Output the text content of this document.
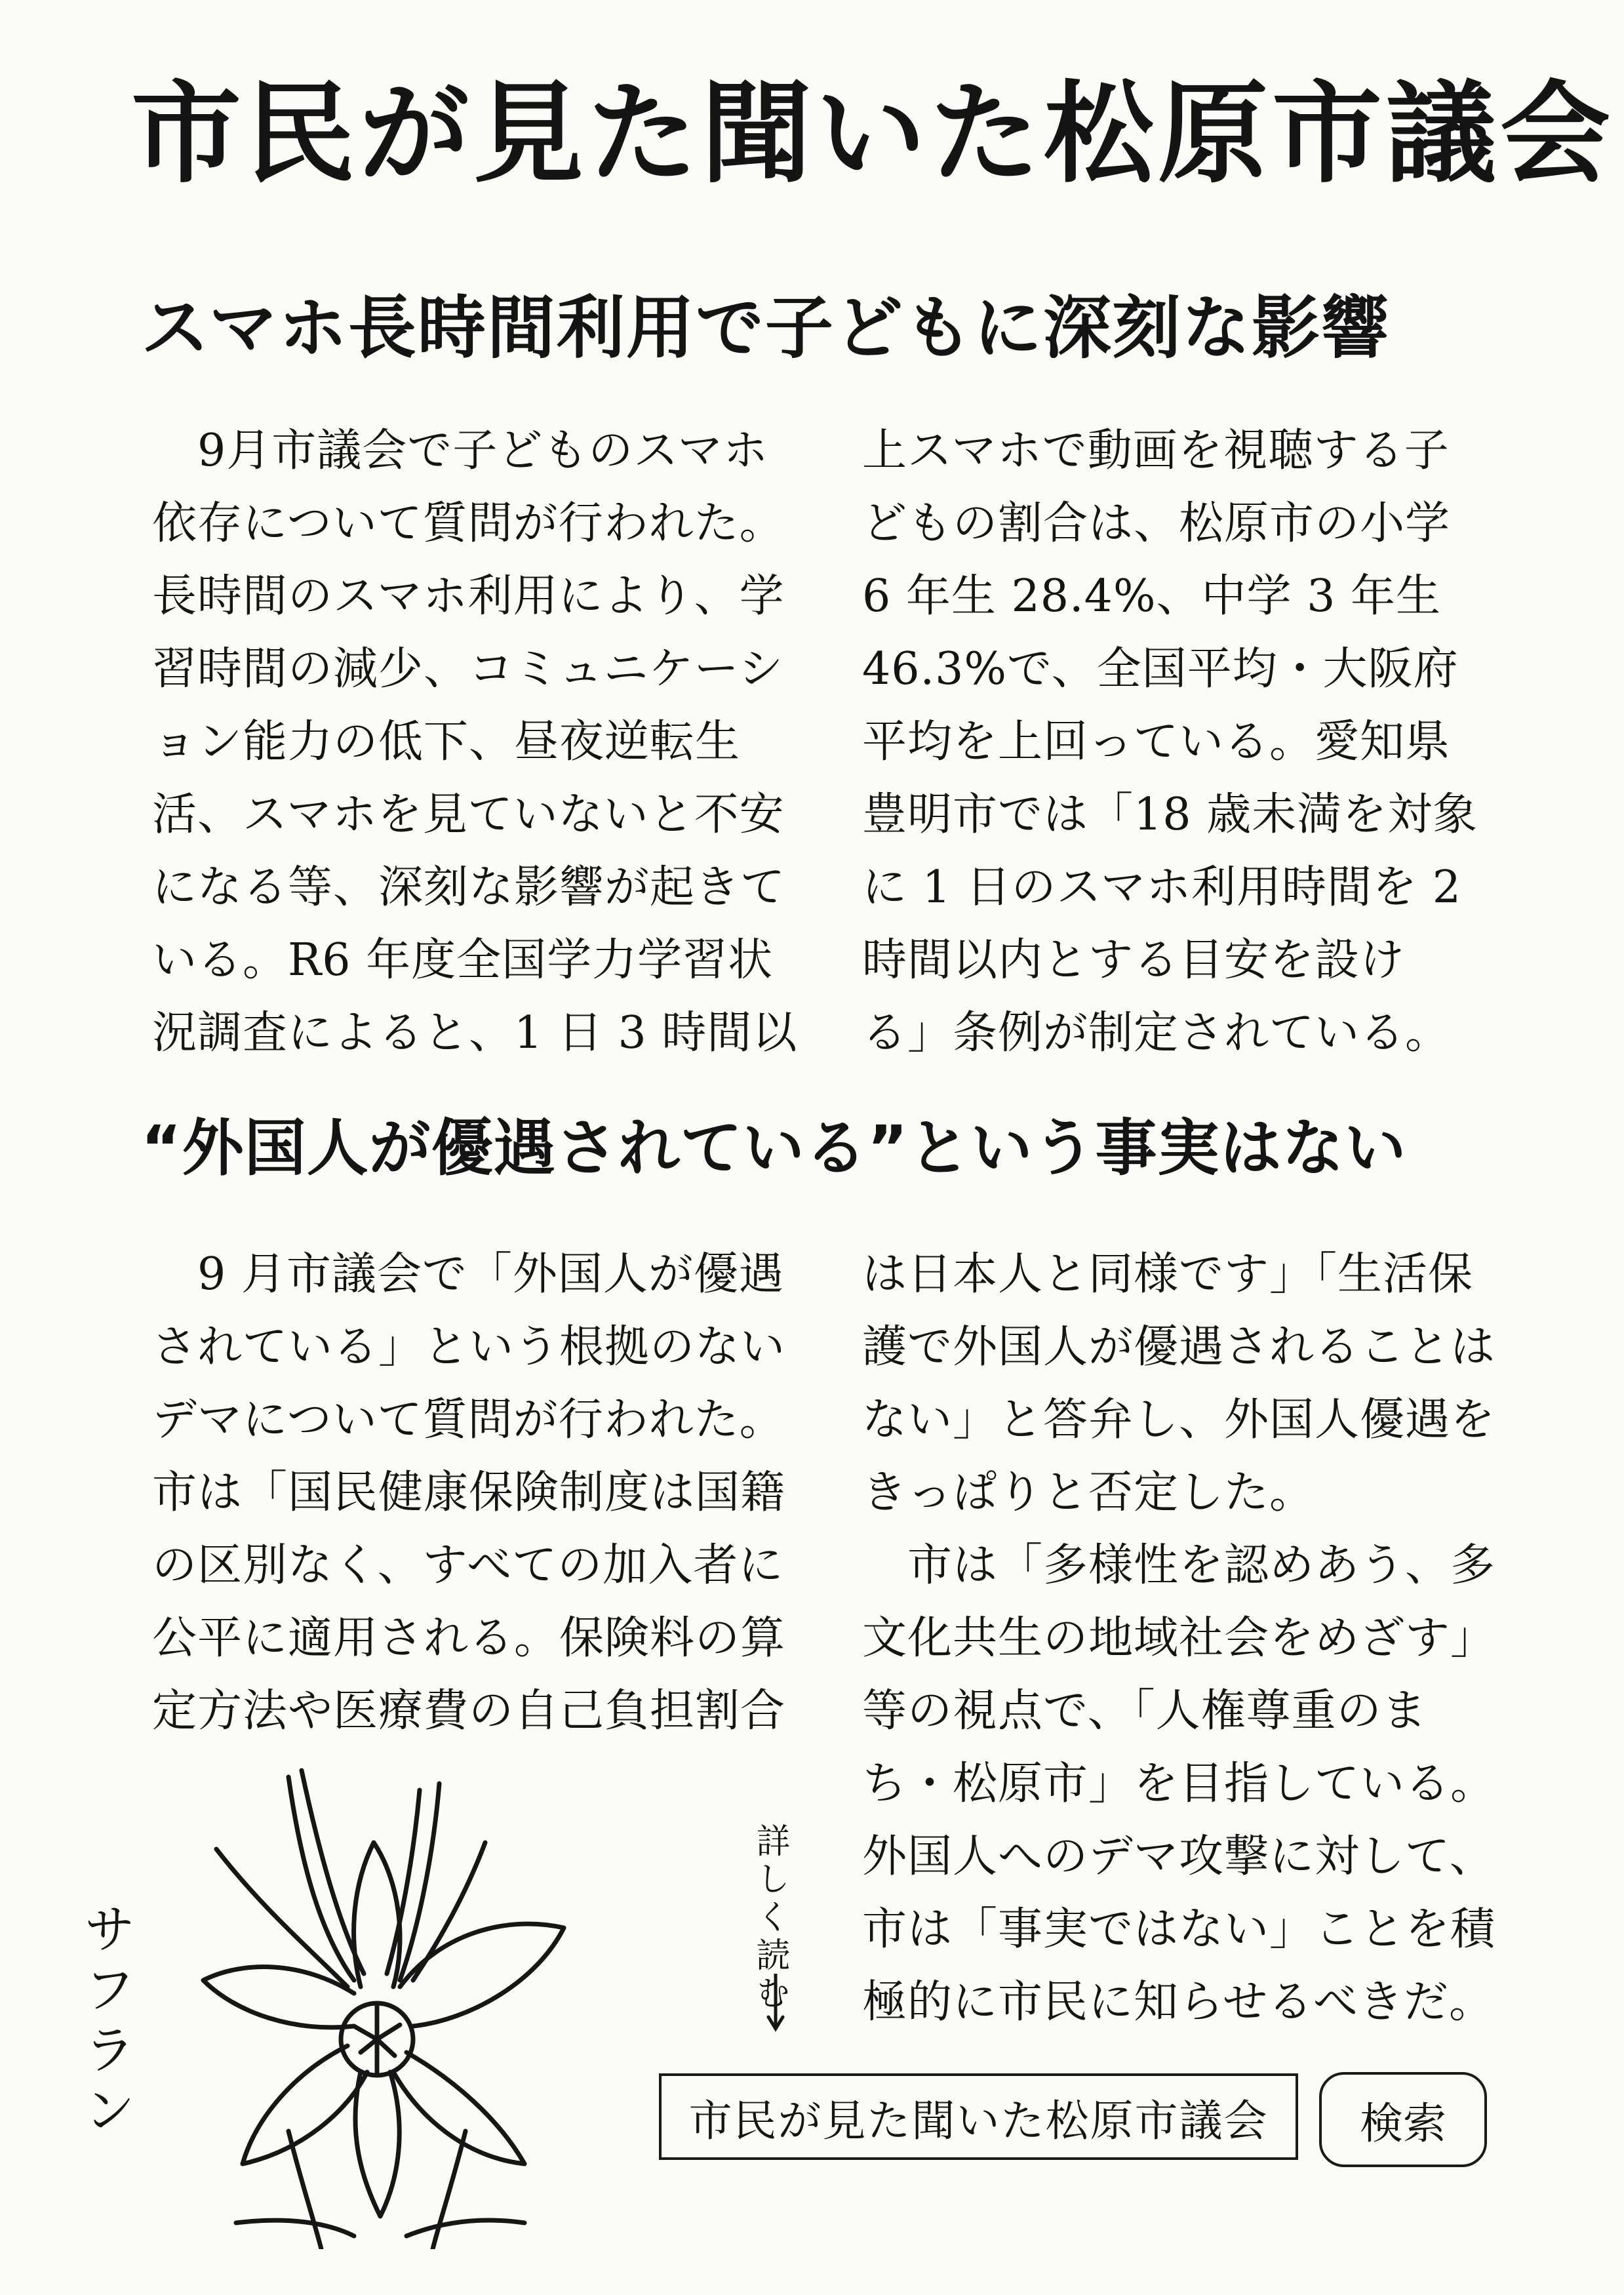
市民が見た聞いた松原市議会
スマホ長時間利用で子どもに深刻な影響

　9月市議会で子どものスマホ
依存について質問が行われた。
長時間のスマホ利用により、学
習時間の減少、コミュニケーシ
ョン能力の低下、昼夜逆転生
活、スマホを見ていないと不安
になる等、深刻な影響が起きて
いる。R6 年度全国学力学習状
況調査によると、1 日 3 時間以

上スマホで動画を視聴する子
どもの割合は、松原市の小学
6 年生 28.4%、中学 3 年生
46.3%で、全国平均・大阪府
平均を上回っている。愛知県
豊明市では「18 歳未満を対象
に 1 日のスマホ利用時間を 2
時間以内とする目安を設け
る」条例が制定されている。

“外国人が優遇されている”という事実はない

　9 月市議会で「外国人が優遇
されている」という根拠のない
デマについて質問が行われた。
市は「国民健康保険制度は国籍
の区別なく、すべての加入者に
公平に適用される。保険料の算
定方法や医療費の自己負担割合

は日本人と同様です」「生活保
護で外国人が優遇されることは
ない」と答弁し、外国人優遇を
きっぱりと否定した。
　市は「多様性を認めあう、多
文化共生の地域社会をめざす」
等の視点で、「人権尊重のま
ち・松原市」を目指している。
外国人へのデマ攻撃に対して、
市は「事実ではない」ことを積
極的に市民に知らせるべきだ。

サフラン	詳しく読む
市民が見た聞いた松原市議会	検索
